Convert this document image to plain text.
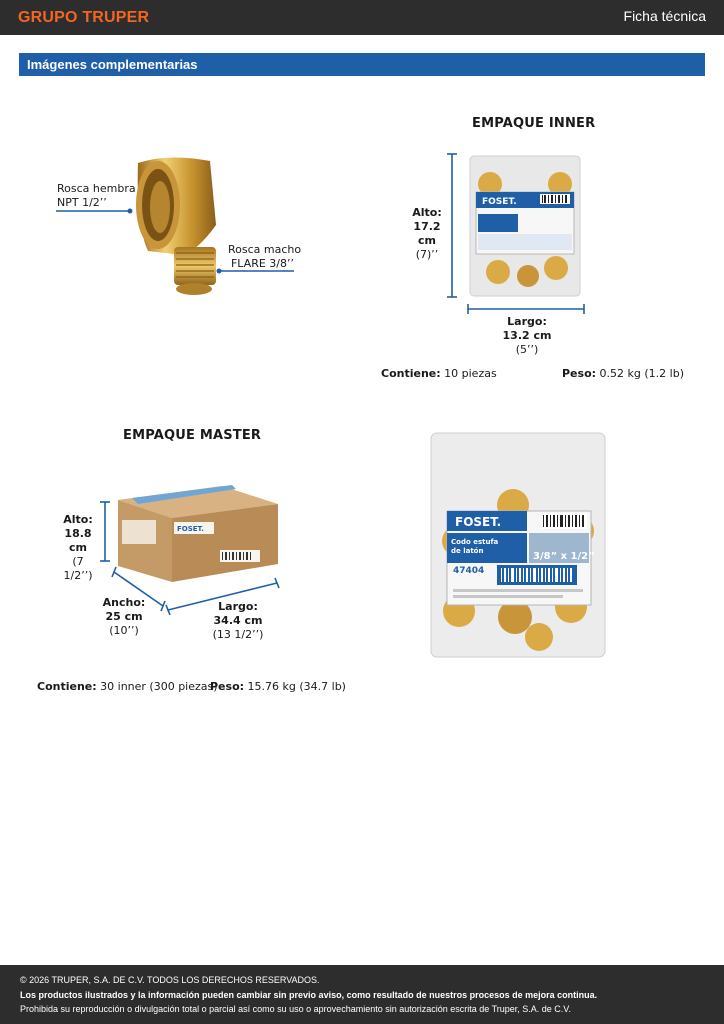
GRUPO TRUPER	Ficha técnica
Imágenes complementarias
Rosca hembra
NPT 1/2’’
Rosca macho
FLARE 3/8’’
EMPAQUE INNER
FOSET.
Alto:
17.2 cm
(7)’’
Largo:
13.2 cm
(5’’)
Contiene: 10 piezas	Peso: 0.52 kg (1.2 lb)
EMPAQUE MASTER
FOSET.
Alto:
18.8 cm
(7 1/2’’)
Ancho:
25 cm
(10’’)
Largo:
34.4 cm
(13 1/2’’)
Contiene: 30 inner (300 piezas)
Peso: 15.76 kg (34.7 lb)
FOSET.
Codo estufa
de latón	3/8” x 1/2”
47404
© 2026 TRUPER, S.A. DE C.V. TODOS LOS DERECHOS RESERVADOS.
Los productos ilustrados y la información pueden cambiar sin previo aviso, como resultado de nuestros procesos de mejora continua.
Prohibida su reproducción o divulgación total o parcial así como su uso o aprovechamiento sin autorización escrita de Truper, S.A. de C.V.
